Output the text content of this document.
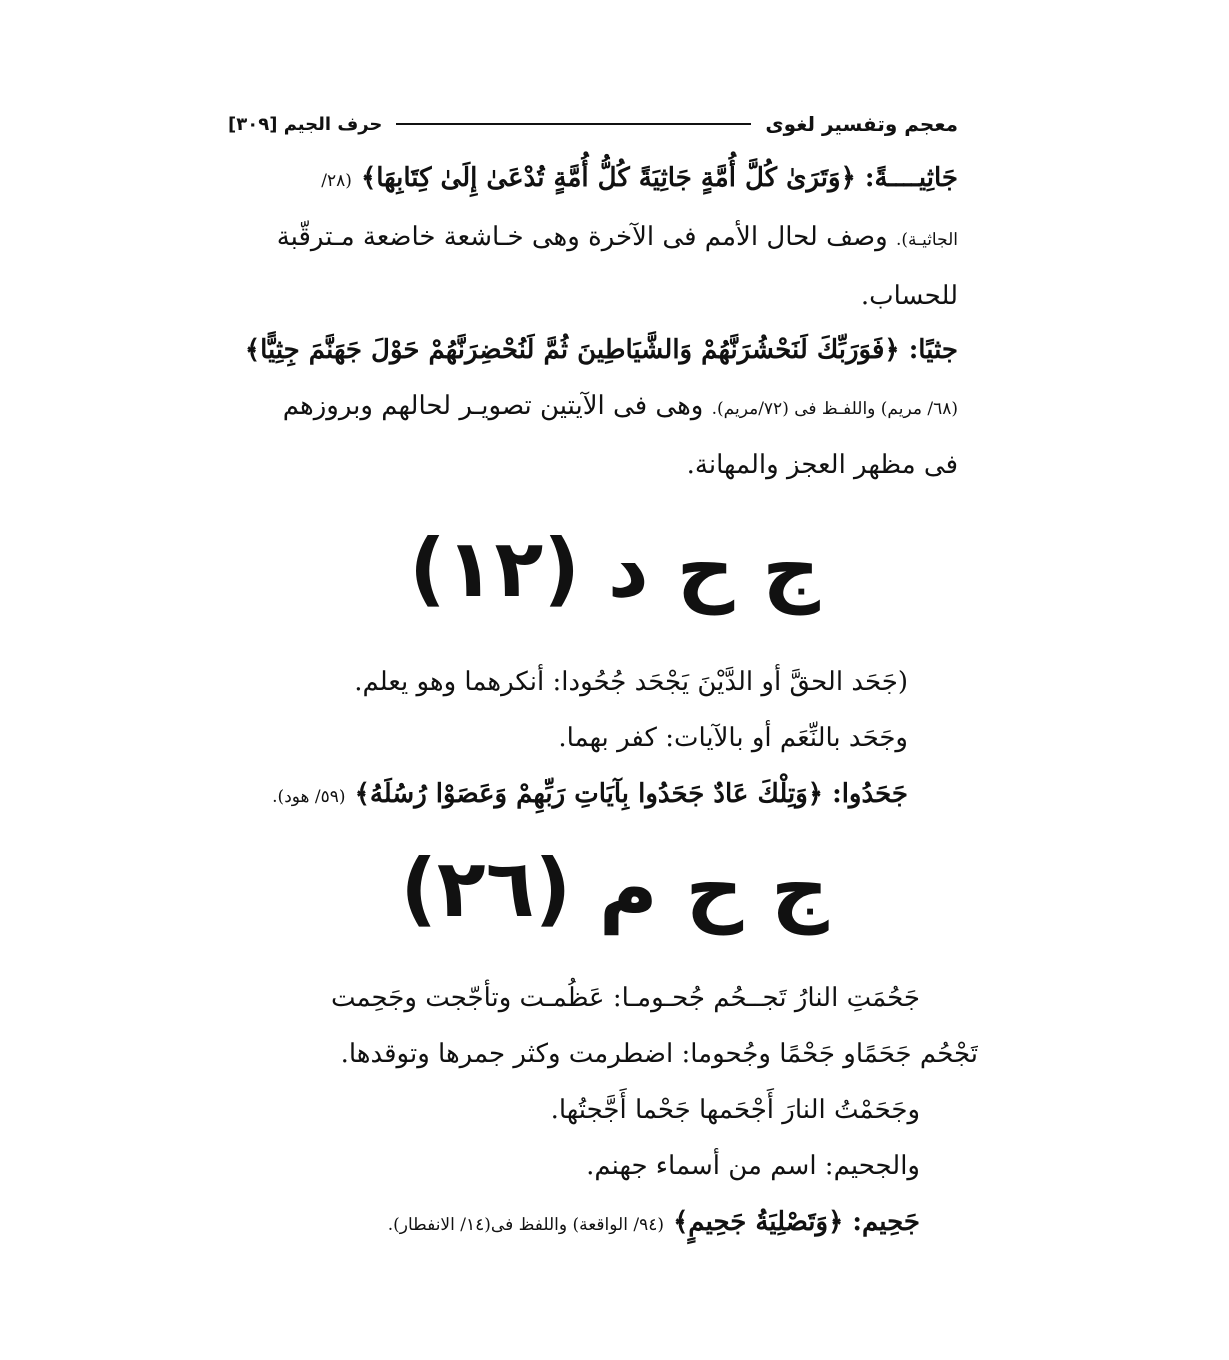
معجم وتفسير لغوى
حرف الجيم [٣٠٩]
جَاثِيــــةً: ﴿وَتَرَىٰ كُلَّ أُمَّةٍ جَاثِيَةً كُلُّ أُمَّةٍ تُدْعَىٰ إِلَىٰ كِتَابِهَا﴾ (٢٨/
الجاثيـة). وصف لحال الأمم فى الآخرة وهى خـاشعة خاضعة مـترقّبة
للحساب.
جثيًا: ﴿فَوَرَبِّكَ لَنَحْشُرَنَّهُمْ وَالشَّيَاطِينَ ثُمَّ لَنُحْضِرَنَّهُمْ حَوْلَ جَهَنَّمَ جِثِيًّا﴾
(٦٨/ مريم) واللفـظ فى (٧٢/مريم). وهى فى الآيتين تصويـر لحالهم وبروزهم
فى مظهر العجز والمهانة.
ج ح د (١٢)
(جَحَد الحقَّ أو الدَّيْنَ يَجْحَد جُحُودا: أنكرهما وهو يعلم.
وجَحَد بالنِّعَم أو بالآيات: كفر بهما.
جَحَدُوا: ﴿وَتِلْكَ عَادٌ جَحَدُوا بِآيَاتِ رَبِّهِمْ وَعَصَوْا رُسُلَهُ﴾ (٥٩/ هود).
ج ح م (٢٦)
جَحُمَتِ النارُ تَجــحُم جُحـومـا: عَظُمـت وتأجّجت وجَحِمت
تَجْحُم جَحَمًاو جَحْمًا وجُحوما: اضطرمت وكثر جمرها وتوقدها.
وجَحَمْتُ النارَ أَجْحَمها جَحْما أَجَّجتُها.
والجحيم: اسم من أسماء جهنم.
جَحِيم: ﴿وَتَصْلِيَةُ جَحِيمٍ﴾ (٩٤/ الواقعة) واللفظ فى(١٤/ الانفطار).
